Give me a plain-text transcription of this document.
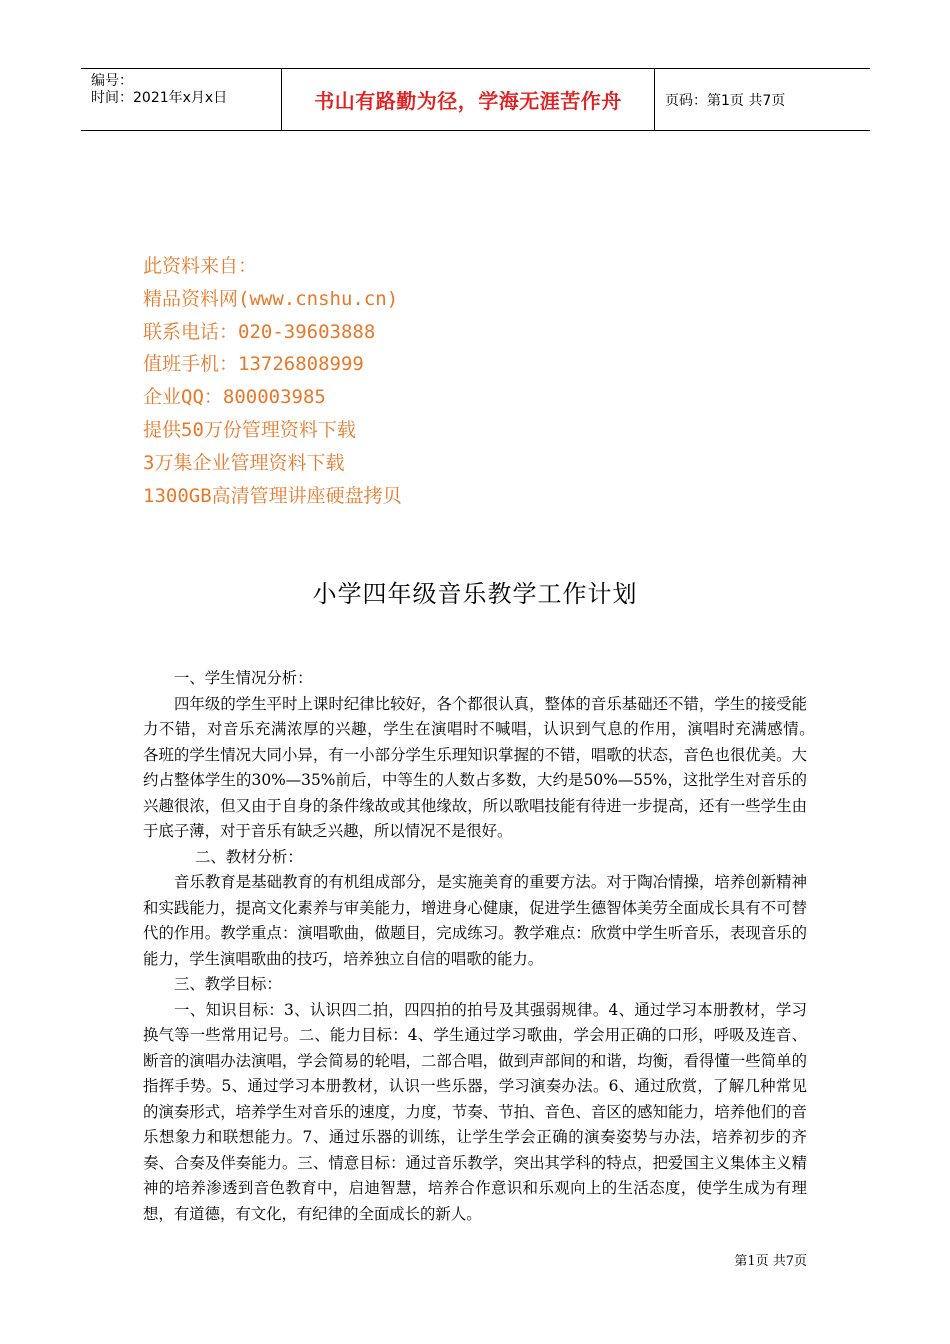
编号：
时间：2021年x月x日	书山有路勤为径，学海无涯苦作舟	页码：第1页 共7页
此资料来自：
精品资料网(www.cnshu.cn)
联系电话：020-39603888
值班手机：13726808999
企业QQ：800003985
提供50万份管理资料下载
3万集企业管理资料下载
1300GB高清管理讲座硬盘拷贝
小学四年级音乐教学工作计划

一、学生情况分析：

四年级的学生平时上课时纪律比较好，各个都很认真，整体的音乐基础还不错，学生的接受能力不错，对音乐充满浓厚的兴趣，学生在演唱时不喊唱，认识到气息的作用，演唱时充满感情。　各班的学生情况大同小异，有一小部分学生乐理知识掌握的不错，唱歌的状态，音色也很优美。大约占整体学生的30%—35%前后，中等生的人数占多数，大约是50%—55%，这批学生对音乐的兴趣很浓，但又由于自身的条件缘故或其他缘故，所以歌唱技能有待进一步提高，还有一些学生由于底子薄，对于音乐有缺乏兴趣，所以情况不是很好。

二、教材分析：

音乐教育是基础教育的有机组成部分，是实施美育的重要方法。对于陶冶情操，培养创新精神和实践能力，提高文化素养与审美能力，增进身心健康，促进学生德智体美劳全面成长具有不可替代的作用。教学重点：演唱歌曲，做题目，完成练习。教学难点：欣赏中学生听音乐，表现音乐的能力，学生演唱歌曲的技巧，培养独立自信的唱歌的能力。

三、教学目标：

一、知识目标：3、认识四二拍，四四拍的拍号及其强弱规律。4、通过学习本册教材，学习换气等一些常用记号。二、能力目标：4、学生通过学习歌曲，学会用正确的口形，呼吸及连音、断音的演唱办法演唱，学会简易的轮唱，二部合唱，做到声部间的和谐，均衡，看得懂一些简单的指挥手势。5、通过学习本册教材，认识一些乐器，学习演奏办法。6、通过欣赏，了解几种常见的演奏形式，培养学生对音乐的速度，力度，节奏、节拍、音色、音区的感知能力，培养他们的音乐想象力和联想能力。7、通过乐器的训练，让学生学会正确的演奏姿势与办法，培养初步的齐奏、合奏及伴奏能力。三、情意目标：通过音乐教学，突出其学科的特点，把爱国主义集体主义精神的培养渗透到音色教育中，启迪智慧，培养合作意识和乐观向上的生活态度，使学生成为有理想，有道德，有文化，有纪律的全面成长的新人。

第1页 共7页
